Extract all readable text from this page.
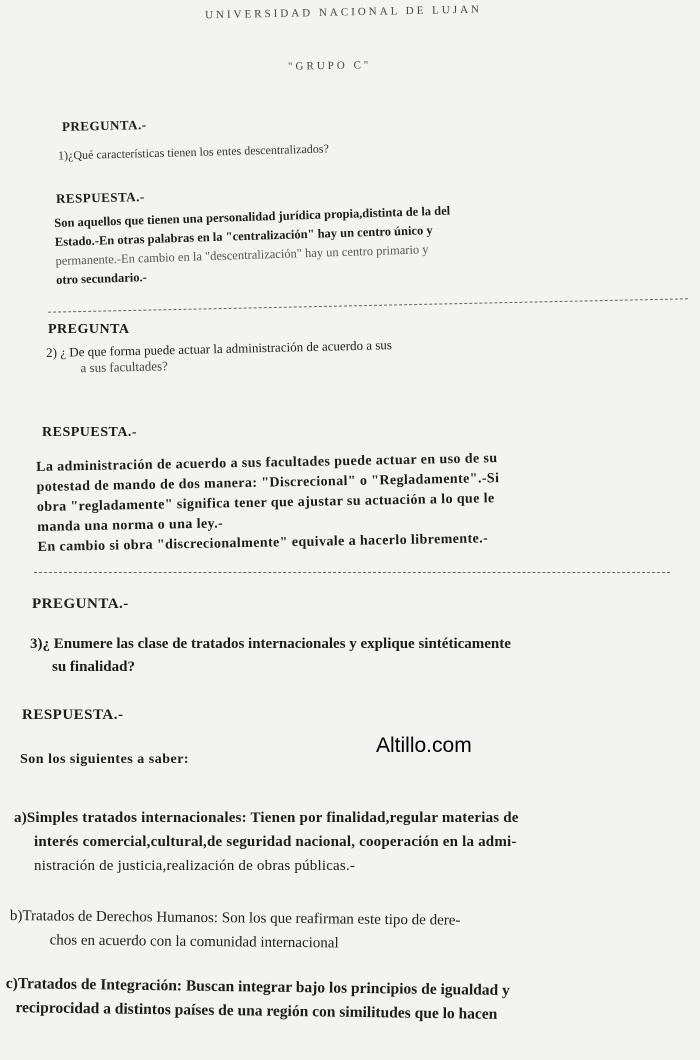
UNIVERSIDAD NACIONAL DE LUJAN
"GRUPO C"
PREGUNTA.-
1)¿Qué características tienen los entes descentralizados?
RESPUESTA.-
Son aquellos que tienen una personalidad jurídica propia,distinta de la del
Estado.-En otras palabras en la "centralización" hay un centro único y
permanente.-En cambio en la "descentralización" hay un centro primario y
otro secundario.-
PREGUNTA
2) ¿ De que forma puede actuar la administración de acuerdo a sus
a sus facultades?
RESPUESTA.-
La administración de acuerdo a sus facultades puede actuar en uso de su
potestad de mando de dos manera: "Discrecional" o "Regladamente".-Si
obra "regladamente" significa tener que ajustar su actuación a lo que le
manda una norma o una ley.-
En cambio si obra "discrecionalmente" equivale a hacerlo libremente.-
PREGUNTA.-
3)¿ Enumere las clase de tratados internacionales y explique sintéticamente
su finalidad?
RESPUESTA.-
Son los siguientes a saber:
Altillo.com
a)Simples tratados internacionales: Tienen por finalidad,regular materias de
interés comercial,cultural,de seguridad nacional, cooperación en la admi-
nistración de justicia,realización de obras públicas.-
b)Tratados de Derechos Humanos: Son los que reafirman este tipo de dere-
chos en acuerdo con la comunidad internacional
c)Tratados de Integración: Buscan integrar bajo los principios de igualdad y
reciprocidad a distintos países de una región con similitudes que lo hacen
